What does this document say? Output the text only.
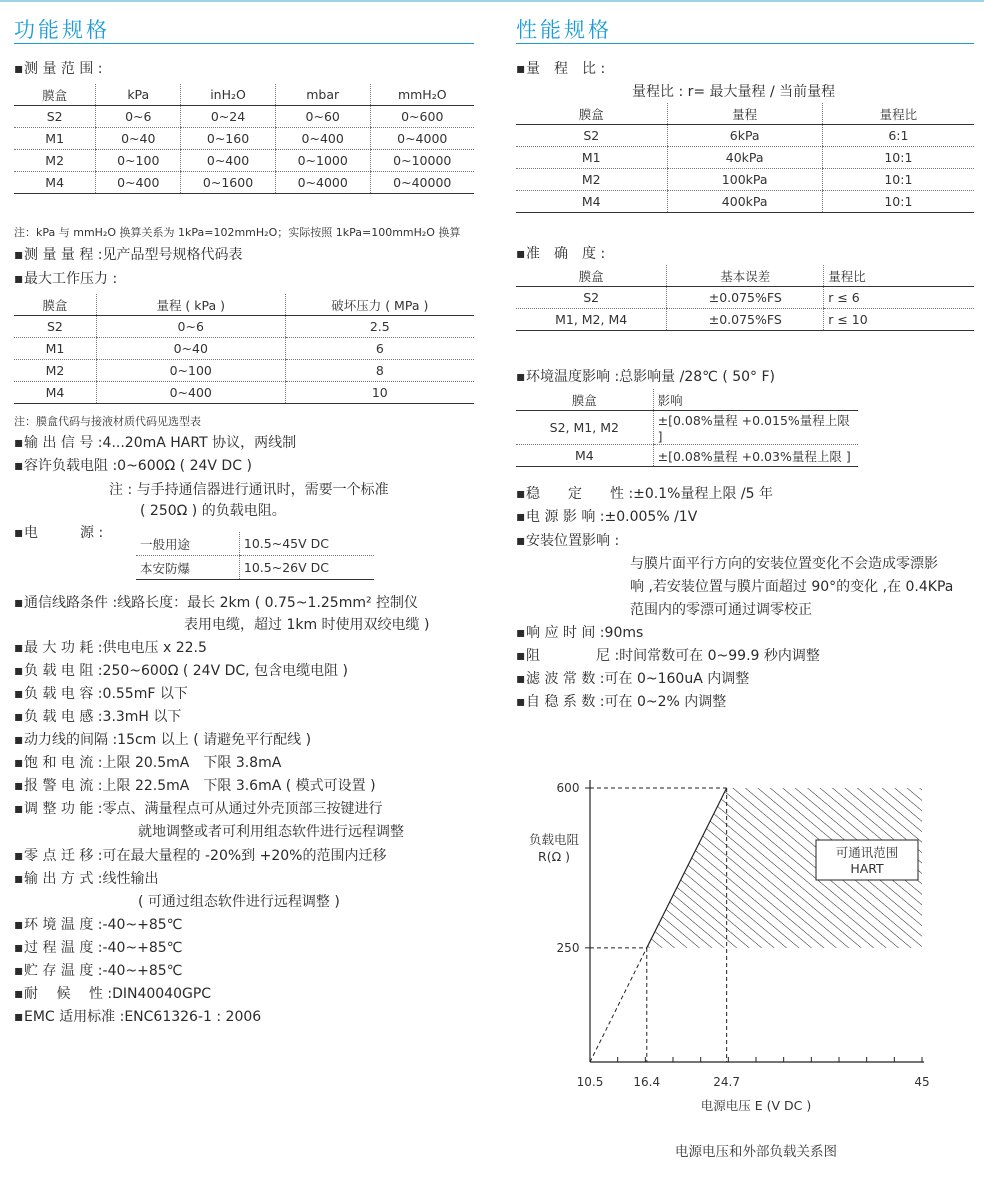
功能规格
▪测 量 范 围 :
膜盒	kPa	inH₂O	mbar	mmH₂O
S2	0~6	0~24	0~60	0~600
M1	0~40	0~160	0~400	0~4000
M2	0~100	0~400	0~1000	0~10000
M4	0~400	0~1600	0~4000	0~40000
注：kPa 与 mmH₂O 换算关系为 1kPa=102mmH₂O；实际按照 1kPa=100mmH₂O 换算
▪测 量 量 程 :见产品型号规格代码表
▪最大工作压力 :
膜盒	量程 ( kPa )	破坏压力 ( MPa )
S2	0~6	2.5
M1	0~40	6
M2	0~100	8
M4	0~400	10
注：膜盒代码与接液材质代码见选型表
▪输 出 信 号 :4...20mA HART 协议，两线制
▪容许负载电阻 :0~600Ω ( 24V DC )
注 : 与手持通信器进行通讯时，需要一个标准
( 250Ω ) 的负载电阻。
▪电　　　源 :
一般用途	10.5~45V DC
本安防爆	10.5~26V DC
▪通信线路条件 :线路长度：最长 2km ( 0.75~1.25mm² 控制仪
表用电缆，超过 1km 时使用双绞电缆 )
▪最 大 功 耗 :供电电压 x 22.5
▪负 载 电 阻 :250~600Ω ( 24V DC, 包含电缆电阻 )
▪负 载 电 容 :0.55mF 以下
▪负 载 电 感 :3.3mH 以下
▪动力线的间隔 :15cm 以上 ( 请避免平行配线 )
▪饱 和 电 流 :上限 20.5mA　下限 3.8mA
▪报 警 电 流 :上限 22.5mA　下限 3.6mA ( 模式可设置 )
▪调 整 功 能 :零点、满量程点可从通过外壳顶部三按键进行
就地调整或者可利用组态软件进行远程调整
▪零 点 迁 移 :可在最大量程的 -20%到 +20%的范围内迁移
▪输 出 方 式 :线性输出
( 可通过组态软件进行远程调整 )
▪环 境 温 度 :-40~+85℃
▪过 程 温 度 :-40~+85℃
▪贮 存 温 度 :-40~+85℃
▪耐　 候　 性 :DIN40040GPC
▪EMC 适用标准 :ENC61326-1 : 2006
性能规格
▪量　程　比 :
量程比 : r= 最大量程 / 当前量程
膜盒	量程	量程比
S2	6kPa	6:1
M1	40kPa	10:1
M2	100kPa	10:1
M4	400kPa	10:1
▪准　确　度 :
膜盒	基本误差	量程比
S2	±0.075%FS	r ≤ 6
M1, M2, M4	±0.075%FS	r ≤ 10
▪环境温度影响 :总影响量 /28℃ ( 50° F)
膜盒	影响
S2, M1, M2	±[0.08%量程 +0.015%量程上限 ]
M4	±[0.08%量程 +0.03%量程上限 ]
▪稳　　定　　性 :±0.1%量程上限 /5 年
▪电 源 影 响 :±0.005% /1V
▪安装位置影响 :
与膜片面平行方向的安装位置变化不会造成零漂影
响 ,若安装位置与膜片面超过 90°的变化 ,在 0.4KPa
范围内的零漂可通过调零校正
▪响 应 时 间 :90ms
▪阻　　　　尼 :时间常数可在 0~99.9 秒内调整
▪滤 波 常 数 :可在 0~160uA 内调整
▪自 稳 系 数 :可在 0~2% 内调整
600
250
10.5	16.4	24.7	45
负载电阻
R(Ω )
电源电压 E (V DC )
电源电压和外部负载关系图
可通讯范围
HART
